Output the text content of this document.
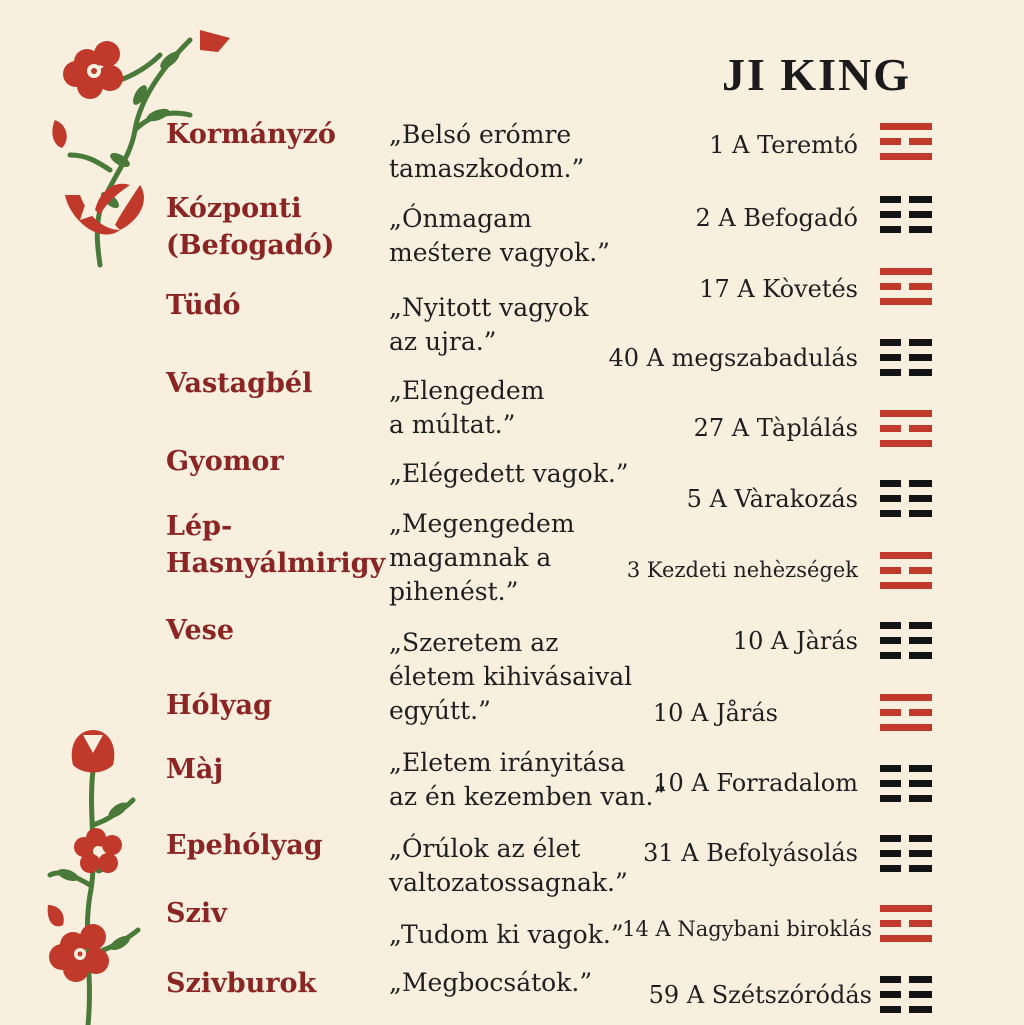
JI KING
Kormányzó
Kózponti
(Befogadó)
Tüdó
Vastagbél
Gyomor
Lép-
Hasnyálmirigy
Vese
Hólyag
Màj
Epehólyag
Sziv
Szivburok
„Belsó erómre
tamaszkodom.”
„Ónmagam
meśtere vagyok.”
„Nyitott vagyok
az ujra.”
„Elengedem
a múltat.”
„Elégedett vagok.”
„Megengedem
magamnak a
pihenést.”
„Szeretem az
életem kihivásaival
egyútt.”
„Eletem irányitása
az én kezemben van.”
„Órúlok az élet
valtozatossagnak.”
„Tudom ki vagok.”
„Megbocsátok.”
1 A Teremtó
2 A Befogadó
17 A Kòvetés
40 A megszabadulás
27 A Tàplálás
5 A Vàrakozás
3 Kezdeti nehèzségek
10 A Jàrás
10 A Jårás
10 A Forradalom
31 A Befolyásolás
14 A Nagybani biroklás
59 A Szétszóródás
